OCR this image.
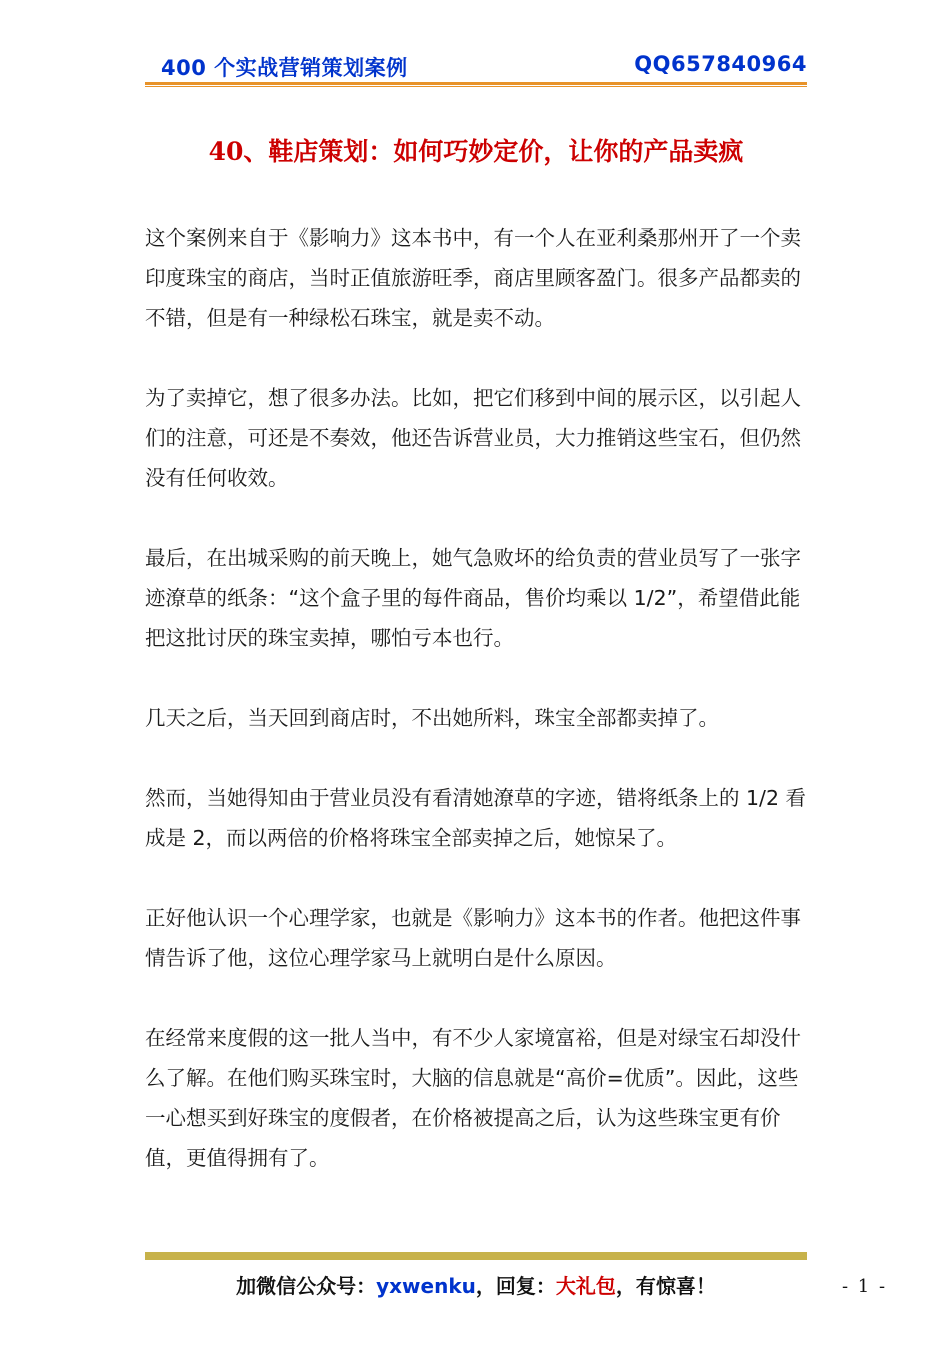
400 个实战营销策划案例	QQ657840964
40、鞋店策划：如何巧妙定价，让你的产品卖疯

这个案例来自于《影响力》这本书中，有一个人在亚利桑那州开了一个卖印度珠宝的商店，当时正值旅游旺季，商店里顾客盈门。很多产品都卖的不错，但是有一种绿松石珠宝，就是卖不动。

为了卖掉它，想了很多办法。比如，把它们移到中间的展示区，以引起人们的注意，可还是不奏效，他还告诉营业员，大力推销这些宝石，但仍然没有任何收效。

最后，在出城采购的前天晚上，她气急败坏的给负责的营业员写了一张字迹潦草的纸条：“这个盒子里的每件商品，售价均乘以 1/2”，希望借此能把这批讨厌的珠宝卖掉，哪怕亏本也行。

几天之后，当天回到商店时，不出她所料，珠宝全部都卖掉了。

然而，当她得知由于营业员没有看清她潦草的字迹，错将纸条上的 1/2 看成是 2，而以两倍的价格将珠宝全部卖掉之后，她惊呆了。

正好他认识一个心理学家，也就是《影响力》这本书的作者。他把这件事情告诉了他，这位心理学家马上就明白是什么原因。

在经常来度假的这一批人当中，有不少人家境富裕，但是对绿宝石却没什么了解。在他们购买珠宝时，大脑的信息就是“高价=优质”。因此，这些一心想买到好珠宝的度假者，在价格被提高之后，认为这些珠宝更有价值，更值得拥有了。

加微信公众号：yxwenku，回复：大礼包，有惊喜！	- 1 -
